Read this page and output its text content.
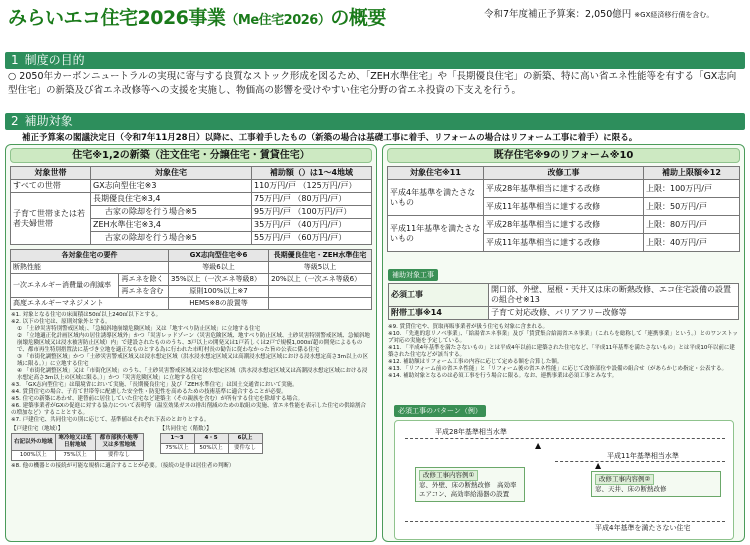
みらいエコ住宅2026事業（Me住宅2026）の概要	令和7年度補正予算案：2,050億円 ※GX経済移行債を含む。
1 制度の目的
○ 2050年カーボンニュートラルの実現に寄与する良質なストック形成を図るため、「ZEH水準住宅」や「長期優良住宅」の新築、特に高い省エネ性能等を有する「GX志向型住宅」の新築及び省エネ改修等への支援を実施し、物価高の影響を受けやすい住宅分野の省エネ投資の下支えを行う。
2 補助対象
補正予算案の閣議決定日（令和7年11月28日）以降に、工事着手したもの（新築の場合は基礎工事に着手、リフォームの場合はリフォーム工事に着手）に限る。
住宅※1,2の新築（注文住宅・分譲住宅・賃貸住宅）
対象世帯	対象住宅	補助額（）は1～4地域
すべての世帯	GX志向型住宅※3	110万円/戸 （125万円/戸）
子育て世帯または若者夫婦世帯	長期優良住宅※3,4	75万円/戸 （80万円/戸）
	古家の除却を行う場合※5	95万円/戸 （100万円/戸）
	ZEH水準住宅※3,4	35万円/戸 （40万円/戸）
	古家の除却を行う場合※5	55万円/戸 （60万円/戸）
各対象住宅の要件		GX志向型住宅※6	長期優良住宅・ZEH水準住宅
断熱性能		等級6以上	等級5以上
一次エネルギー消費量の削減率	再エネを除く	35%以上（一次エネ等級8）	20%以上（一次エネ等級6）
	再エネを含む	原則100%以上※7	
高度エネルギーマネジメント		HEMS※8の設置等	
※1. 対象となる住宅の床面積は50㎡以上240㎡以下とする。
※2. 以下の住宅は、原則対象外とする。
① 「土砂災害特別警戒区域」、「急傾斜地崩壊危険区域」又は「地すべり防止区域」に立地する住宅
② 「立地適正化計画区域内の居住誘導区域外」かつ「災害レッドゾーン（災害危険区域、地すべり防止区域、土砂災害特別警戒区域、急傾斜地崩壊危険区域又は浸水被害防止区域）内」で建設されたもののうち、3戸以上の開発又は1戸若しくは2戸で規模1,000㎡超の開発によるもので、都市再生特別措置法に基づき立地を適正なものとする為に行われた市町村長の勧告に従わなかった旨の公表に係る住宅
③ 「市街化調整区域」かつ「土砂災害警戒区域又は浸水想定区域（洪水浸水想定区域又は高潮浸水想定区域における浸水想定高さ3m以上の区域に限る。）」に立地する住宅
④ 「市街化調整区域」又は「市街化区域」のうち、「土砂災害警戒区域又は浸水想定区域（洪水浸水想定区域又は高潮浸水想定区域における浸水想定高さ3m以上の区域に限る。）」かつ「災害危険区域」に立地する住宅
※3. 「GX志向型住宅」は環境省において実施、「長期優良住宅」及び「ZEH水準住宅」は国土交通省において実施。
※4. 賃貸住宅の場合、子育て世帯等に配慮した安全性・防犯性を高めるための技術基準に適合することが必要。
※5. 住宅の新築にあわせ、建替前に居住していた住宅など建築主（その親族を含む）が所有する住宅を除却する場合。
※6. 建築事業者がGXの促進に対する協力について表明等（温室効果ガスの排出削減のための取組の実施、省エネ性能を表示した住宅の供給割合の増加など）することとする。
※7. 戸建住宅、共同住宅の別に応じて、基準値はそれぞれ下表のとおりとする。
【戸建住宅（地域）】
右記以外の地域	寒冷地又は低日射地域	都市部狭小地等又は多雪地域
100%以上	75%以上	要件なし
【共同住宅（階数）】
1～3	4・5	6以上
75%以上	50%以上	要件なし
※8. 他の機器との接続が可能な規格に適合することが必要。（接続の是非は居住者の判断）
既存住宅※9のリフォーム※10
対象住宅※11	改修工事	補助上限額※12
平成4年基準を満たさないもの	平成28年基準相当に達する改修	上限：100万円/戸
	平成11年基準相当に達する改修	上限：50万円/戸
平成11年基準を満たさないもの	平成28年基準相当に達する改修	上限：80万円/戸
	平成11年基準相当に達する改修	上限：40万円/戸
補助対象工事
必須工事	開口部、外壁、屋根・天井又は床の断熱改修、エコ住宅設備の設置の組合せ※13
附帯工事※14	子育て対応改修、バリアフリー改修等
※9. 賃貸住宅や、買取再販事業者が扱う住宅も対象に含まれる。
※10. 「先進的窓リノベ事業」、「給湯省エネ事業」及び「賃貸集合給湯省エネ事業」（これらを総称して「連携事業」という。）とのワンストップ対応の実施を予定している。
※11. 「平成4年基準を満たさないもの」とは平成4年以前に建築された住宅など、「平成11年基準を満たさないもの」とは平成10年以前に建築された住宅などが該当する。
※12. 補助額はリフォーム工事の内容に応じて定める額を合算した額。
※13. 「リフォーム前の省エネ性能」と「リフォーム後の省エネ性能」に応じて改修部位や設備の組合せ（があらかじめ指定・公表する。
※14. 補助対象となるのは必須工事を行う場合に限る。なお、連携事業は必須工事とみなす。
必須工事のパターン（例）
平成28年基準相当水準
平成11年基準相当水準
改修工事内容例①
窓、外壁、床の断熱改修　高効率エアコン、高効率給湯器の設置
▲
改修工事内容例②
窓、天井、床の断熱改修
▲
平成4年基準を満たさない住宅
